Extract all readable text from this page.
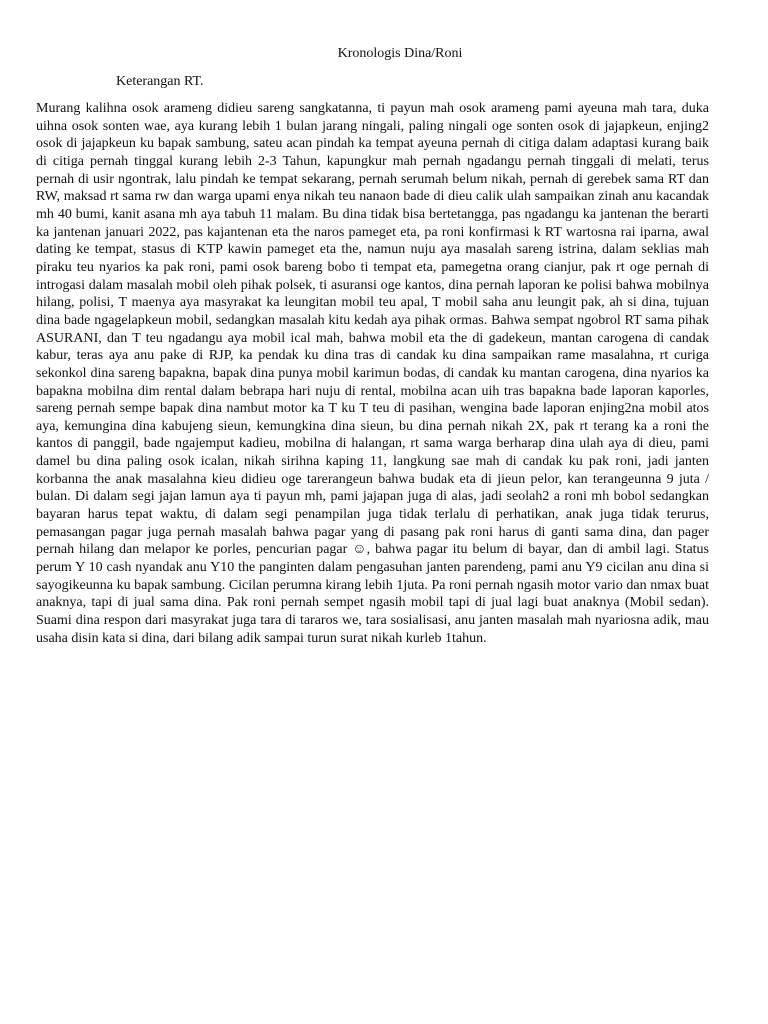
Kronologis Dina/Roni
Keterangan RT.

Murang kalihna osok arameng didieu sareng sangkatanna, ti payun mah osok arameng pami ayeuna mah tara, duka uihna osok sonten wae, aya kurang lebih 1 bulan jarang ningali, paling ningali oge sonten osok di jajapkeun, enjing2 osok di jajapkeun ku bapak sambung, sateu acan pindah ka tempat ayeuna pernah di citiga dalam adaptasi kurang baik di citiga pernah tinggal kurang lebih 2-3 Tahun, kapungkur mah pernah ngadangu pernah tinggali di melati, terus pernah di usir ngontrak, lalu pindah ke tempat sekarang, pernah serumah belum nikah, pernah di gerebek sama RT dan RW, maksad rt sama rw dan warga upami enya nikah teu nanaon bade di dieu calik ulah sampaikan zinah anu kacandak mh 40 bumi, kanit asana mh aya tabuh 11 malam. Bu dina tidak bisa bertetangga, pas ngadangu ka jantenan the berarti ka jantenan januari 2022, pas kajantenan eta the naros pameget eta, pa roni konfirmasi k RT wartosna rai iparna, awal dating ke tempat, stasus di KTP kawin pameget eta the, namun nuju aya masalah sareng istrina, dalam seklias mah piraku teu nyarios ka pak roni, pami osok bareng bobo ti tempat eta, pamegetna orang cianjur, pak rt oge pernah di introgasi dalam masalah mobil oleh pihak polsek, ti asuransi oge kantos, dina pernah laporan ke polisi bahwa mobilnya hilang, polisi, T maenya aya masyrakat ka leungitan mobil teu apal, T mobil saha anu leungit pak, ah si dina, tujuan dina bade ngagelapkeun mobil, sedangkan masalah kitu kedah aya pihak ormas. Bahwa sempat ngobrol RT sama pihak ASURANI, dan T teu ngadangu aya mobil ical mah, bahwa mobil eta the di gadekeun, mantan carogena di candak kabur, teras aya anu pake di RJP, ka pendak ku dina tras di candak ku dina sampaikan rame masalahna, rt curiga sekonkol dina sareng bapakna, bapak dina punya mobil karimun bodas, di candak ku mantan carogena, dina nyarios ka bapakna mobilna dim rental dalam bebrapa hari nuju di rental, mobilna acan uih tras bapakna bade laporan kaporles, sareng pernah sempe bapak dina nambut motor ka T ku T teu di pasihan, wengina bade laporan enjing2na mobil atos aya, kemungina dina kabujeng sieun, kemungkina dina sieun, bu dina pernah nikah 2X, pak rt terang ka a roni the kantos di panggil, bade ngajemput kadieu, mobilna di halangan, rt sama warga berharap dina ulah aya di dieu, pami damel bu dina paling osok icalan, nikah sirihna kaping 11, langkung sae mah di candak ku pak roni, jadi janten korbanna the anak masalahna kieu didieu oge tarerangeun bahwa budak eta di jieun pelor, kan terangeunna 9 juta / bulan. Di dalam segi jajan lamun aya ti payun mh, pami jajapan juga di alas, jadi seolah2 a roni mh bobol sedangkan bayaran harus tepat waktu, di dalam segi penampilan juga tidak terlalu di perhatikan, anak juga tidak terurus, pemasangan pagar juga pernah masalah bahwa pagar yang di pasang pak roni harus di ganti sama dina, dan pager pernah hilang dan melapor ke porles, pencurian pagar ☺, bahwa pagar itu belum di bayar, dan di ambil lagi. Status perum Y 10 cash nyandak anu Y10 the panginten dalam pengasuhan janten parendeng, pami anu Y9 cicilan anu dina si sayogikeunna ku bapak sambung. Cicilan perumna kirang lebih 1juta. Pa roni pernah ngasih motor vario dan nmax buat anaknya, tapi di jual sama dina. Pak roni pernah sempet ngasih mobil tapi di jual lagi buat anaknya (Mobil sedan). Suami dina respon dari masyrakat juga tara di tararos we, tara sosialisasi, anu janten masalah mah nyariosna adik, mau usaha disin kata si dina, dari bilang adik sampai turun surat nikah kurleb 1tahun.
